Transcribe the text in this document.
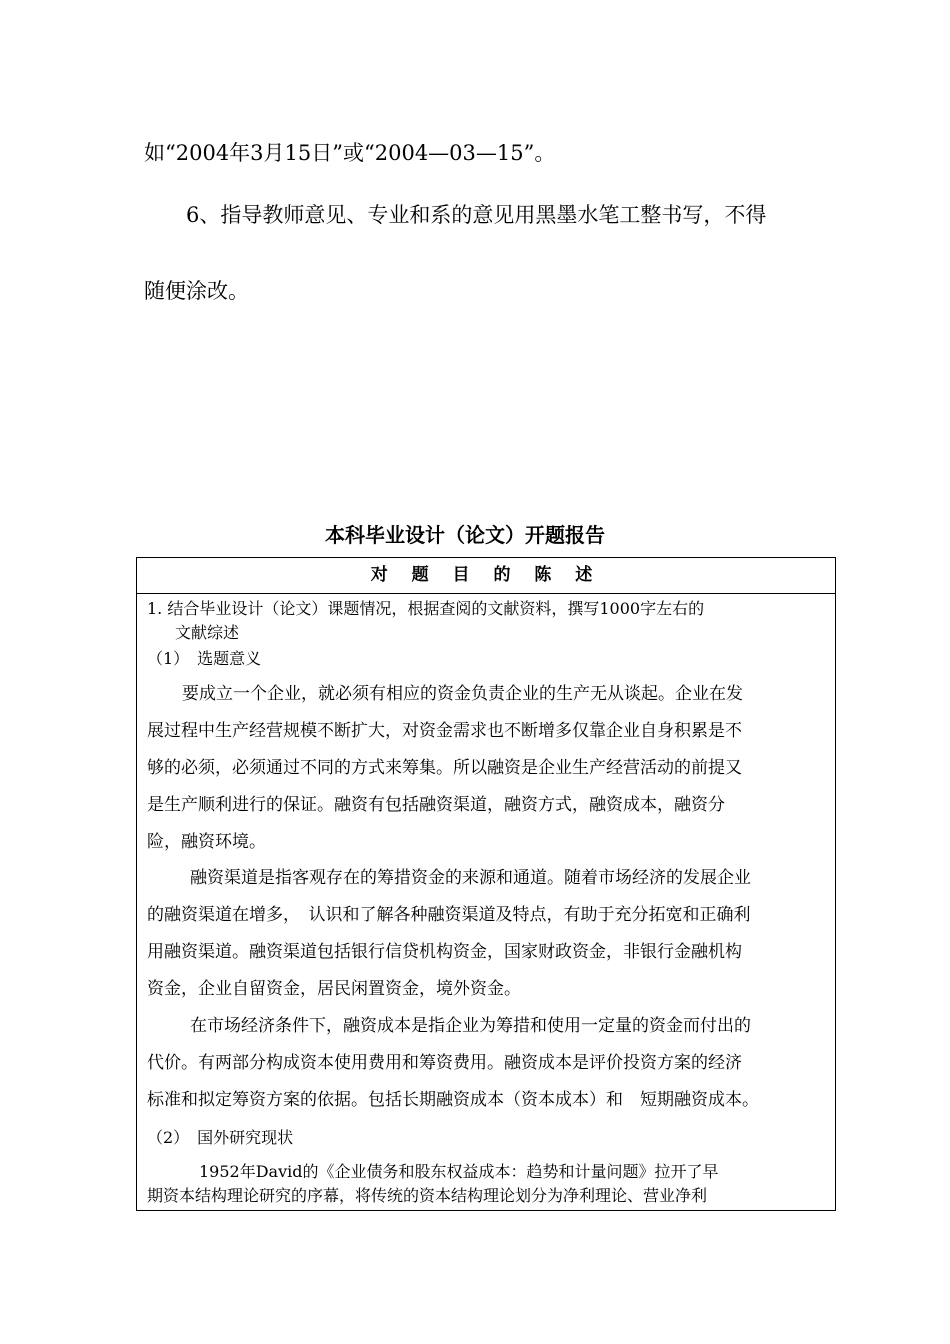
如“2004年3月15日”或“2004—03—15”。
6、指导教师意见、专业和系的意见用黑墨水笔工整书写，不得
随便涂改。
本科毕业设计（论文）开题报告
对 题 目 的 陈 述
1. 结合毕业设计（论文）课题情况，根据查阅的文献资料，撰写1000字左右的
文献综述
（1）　选题意义
要成立一个企业，就必须有相应的资金负责企业的生产无从谈起。企业在发
展过程中生产经营规模不断扩大，对资金需求也不断增多仅靠企业自身积累是不
够的必须，必须通过不同的方式来筹集。所以融资是企业生产经营活动的前提又
是生产顺利进行的保证。融资有包括融资渠道，融资方式，融资成本，融资分
险，融资环境。
融资渠道是指客观存在的筹措资金的来源和通道。随着市场经济的发展企业
的融资渠道在增多，　认识和了解各种融资渠道及特点，有助于充分拓宽和正确利
用融资渠道。融资渠道包括银行信贷机构资金，国家财政资金，非银行金融机构
资金，企业自留资金，居民闲置资金，境外资金。
在市场经济条件下，融资成本是指企业为筹措和使用一定量的资金而付出的
代价。有两部分构成资本使用费用和筹资费用。融资成本是评价投资方案的经济
标准和拟定筹资方案的依据。包括长期融资成本（资本成本）和　短期融资成本。
（2）　国外研究现状
1952年David的《企业债务和股东权益成本：趋势和计量问题》拉开了早
期资本结构理论研究的序幕，将传统的资本结构理论划分为净利理论、营业净利
